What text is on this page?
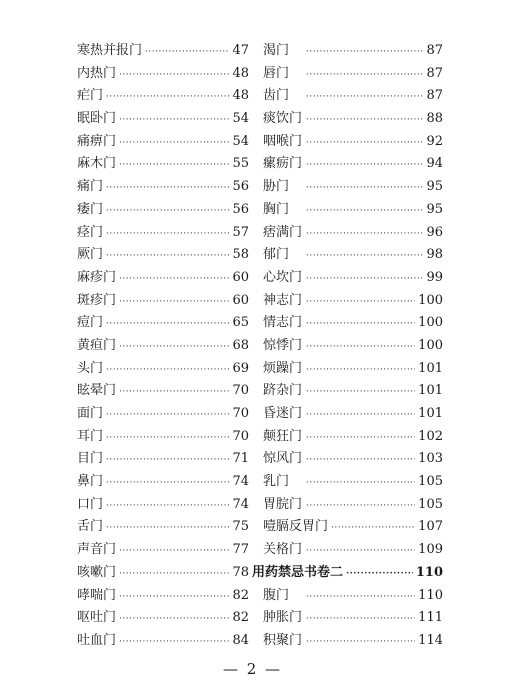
寒热并报门 ·····	47
内热门 ·····	48
疟门 ·····	48
眠卧门 ·····	54
痛痹门 ·····	54
麻木门 ·····	55
痛门 ·····	56
痿门 ·····	56
痉门 ·····	57
厥门 ·····	58
麻疹门 ·····	60
斑疹门 ·····	60
痘门 ·····	65
黄疸门 ·····	68
头门 ·····	69
眩晕门 ·····	70
面门 ·····	70
耳门 ·····	70
目门 ·····	71
鼻门 ·····	74
口门 ·····	74
舌门 ·····	75
声音门 ·····	77
咳嗽门 ·····	78
哮喘门 ·····	82
呕吐门 ·····	82
吐血门 ·····	84
渴门 ·····	87
唇门 ·····	87
齿门 ·····	87
痰饮门 ·····	88
咽喉门 ·····	92
瘰疬门 ·····	94
胁门 ·····	95
胸门 ·····	95
痞满门 ·····	96
郁门 ·····	98
心坎门 ·····	99
神志门 ·····	100
情志门 ·····	100
惊悸门 ·····	100
烦躁门 ·····	101
跻杂门 ·····	101
昏迷门 ·····	101
颠狂门 ·····	102
惊风门 ·····	103
乳门 ·····	105
胃脘门 ·····	105
噎膈反胃门 ·····	107
关格门 ·····	109
用药禁忌书卷二 ·····	110
腹门 ·····	110
肿胀门 ·····	111
积聚门 ·····	114
— 2 —
